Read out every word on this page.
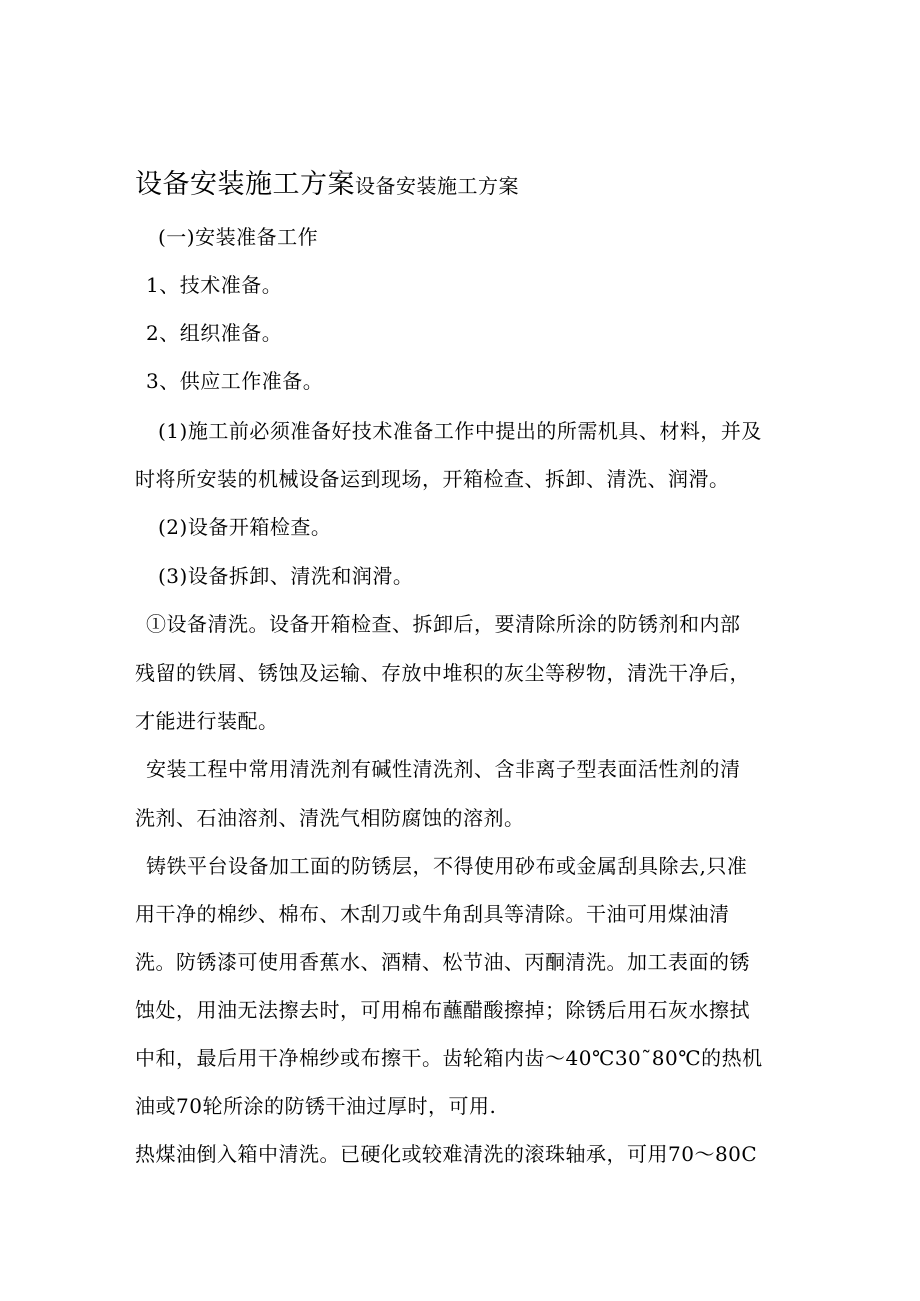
设备安装施工方案设备安装施工方案
(一)安装准备工作
1、技术准备。
2、组织准备。
3、供应工作准备。
(1)施工前必须准备好技术准备工作中提出的所需机具、材料，并及
时将所安装的机械设备运到现场，开箱检查、拆卸、清洗、润滑。
(2)设备开箱检查。
(3)设备拆卸、清洗和润滑。
①设备清洗。设备开箱检查、拆卸后，要清除所涂的防锈剂和内部
残留的铁屑、锈蚀及运输、存放中堆积的灰尘等秽物，清洗干净后，
才能进行装配。
安装工程中常用清洗剂有碱性清洗剂、含非离子型表面活性剂的清
洗剂、石油溶剂、清洗气相防腐蚀的溶剂。
铸铁平台设备加工面的防锈层，不得使用砂布或金属刮具除去,只准
用干净的棉纱、棉布、木刮刀或牛角刮具等清除。干油可用煤油清
洗。防锈漆可使用香蕉水、酒精、松节油、丙酮清洗。加工表面的锈
蚀处，用油无法擦去时，可用棉布蘸醋酸擦掉；除锈后用石灰水擦拭
中和，最后用干净棉纱或布擦干。齿轮箱内齿～40℃30˜80℃的热机
油或70轮所涂的防锈干油过厚时，可用.
热煤油倒入箱中清洗。已硬化或较难清洗的滚珠轴承，可用70～80C
